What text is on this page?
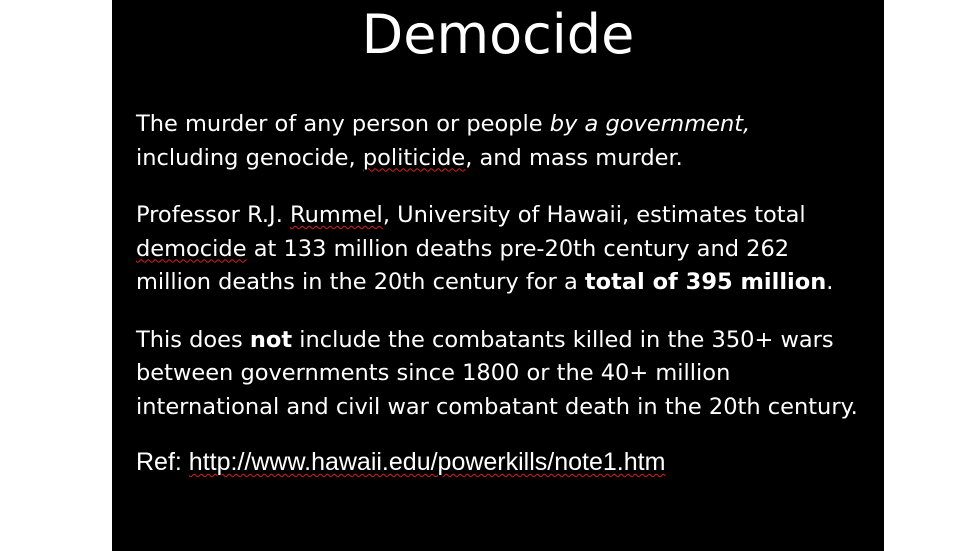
Democide

The murder of any person or people by a government,
including genocide, politicide, and mass murder.

Professor R.J. Rummel, University of Hawaii, estimates total democide at 133 million deaths pre-20th century and 262 million deaths in the 20th century for a total of 395 million.

This does not include the combatants killed in the 350+ wars between governments since 1800 or the 40+ million international and civil war combatant death in the 20th century.

Ref: http://www.hawaii.edu/powerkills/note1.htm
